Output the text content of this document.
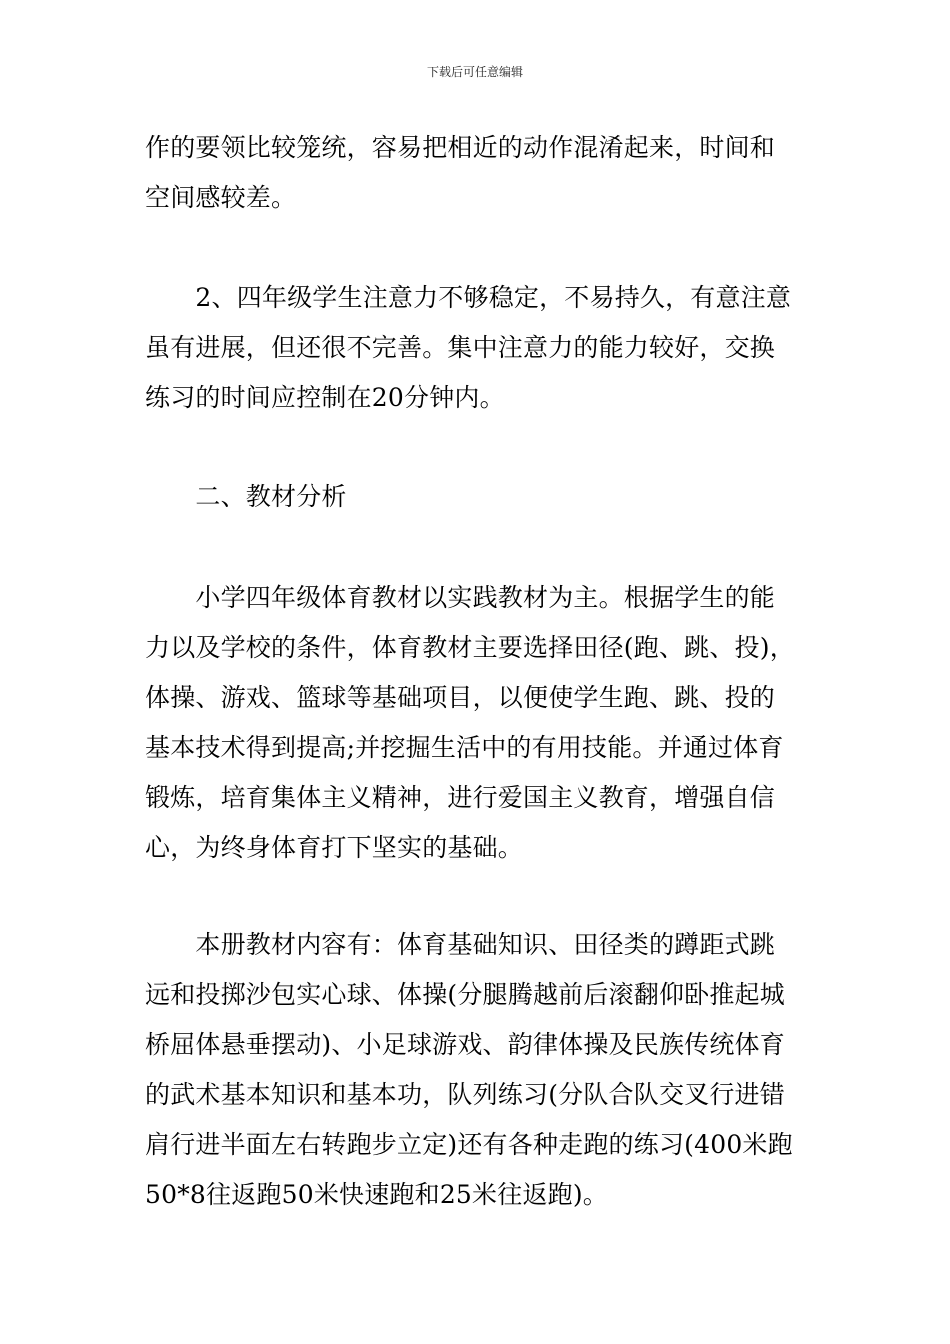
下载后可任意编辑
作的要领比较笼统，容易把相近的动作混淆起来，时间和
空间感较差。
　　2、四年级学生注意力不够稳定，不易持久，有意注意
虽有进展，但还很不完善。集中注意力的能力较好，交换
练习的时间应控制在20分钟内。
　　二、教材分析
　　小学四年级体育教材以实践教材为主。根据学生的能
力以及学校的条件，体育教材主要选择田径(跑、跳、投)，
体操、游戏、篮球等基础项目，以便使学生跑、跳、投的
基本技术得到提高;并挖掘生活中的有用技能。并通过体育
锻炼，培育集体主义精神，进行爱国主义教育，增强自信
心，为终身体育打下坚实的基础。
　　本册教材内容有：体育基础知识、田径类的蹲距式跳
远和投掷沙包实心球、体操(分腿腾越前后滚翻仰卧推起城
桥屈体悬垂摆动)、小足球游戏、韵律体操及民族传统体育
的武术基本知识和基本功，队列练习(分队合队交叉行进错
肩行进半面左右转跑步立定)还有各种走跑的练习(400米跑
50*8往返跑50米快速跑和25米往返跑)。
